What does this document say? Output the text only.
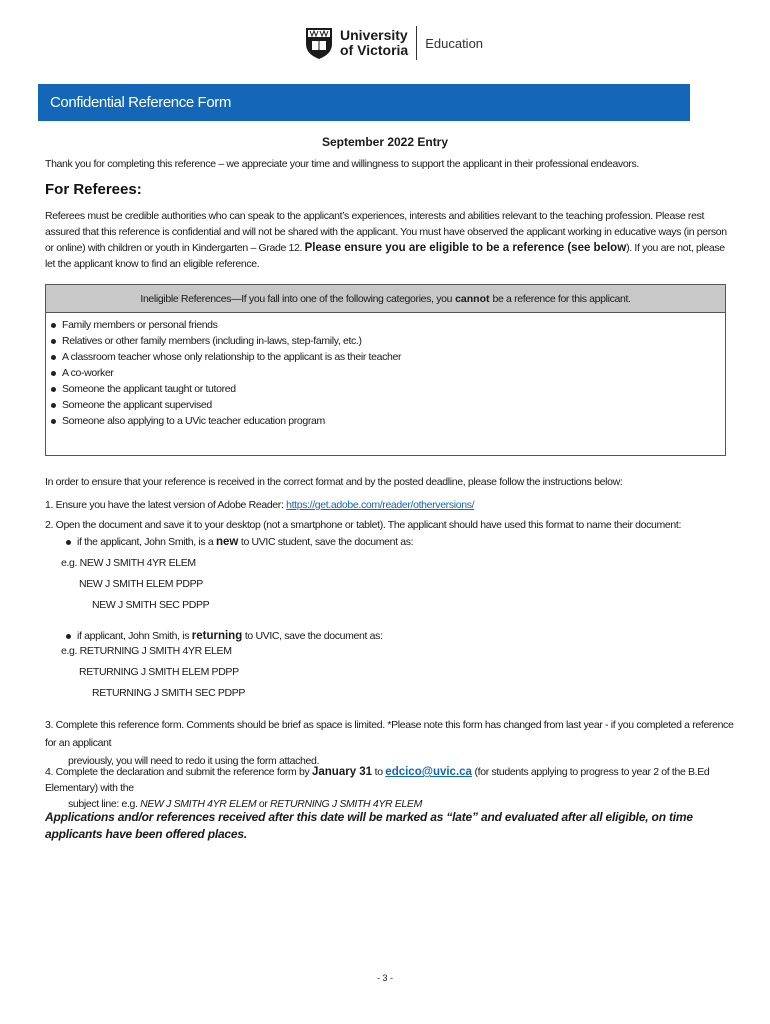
University
of Victoria Education
Confidential Reference Form
September 2022 Entry
Thank you for completing this reference – we appreciate your time and willingness to support the applicant in their professional endeavors.
For Referees:
Referees must be credible authorities who can speak to the applicant’s experiences, interests and abilities relevant to the teaching profession. Please rest assured that this reference is confidential and will not be shared with the applicant. You must have observed the applicant working in educative ways (in person or online) with children or youth in Kindergarten – Grade 12. Please ensure you are eligible to be a reference (see below). If you are not, please let the applicant know to find an eligible reference.
Ineligible References—If you fall into one of the following categories, you cannot be a reference for this applicant.
Family members or personal friends
Relatives or other family members (including in-laws, step-family, etc.)
A classroom teacher whose only relationship to the applicant is as their teacher
A co-worker
Someone the applicant taught or tutored
Someone the applicant supervised
Someone also applying to a UVic teacher education program
In order to ensure that your reference is received in the correct format and by the posted deadline, please follow the instructions below:
1. Ensure you have the latest version of Adobe Reader: https://get.adobe.com/reader/otherversions/
2. Open the document and save it to your desktop (not a smartphone or tablet). The applicant should have used this format to name their document:
if the applicant, John Smith, is a new to UVIC student, save the document as:
e.g. NEW J SMITH 4YR ELEM
NEW J SMITH ELEM PDPP
NEW J SMITH SEC PDPP
if applicant, John Smith, is returning to UVIC, save the document as:
e.g. RETURNING J SMITH 4YR ELEM
RETURNING J SMITH ELEM PDPP
RETURNING J SMITH SEC PDPP
3. Complete this reference form. Comments should be brief as space is limited. *Please note this form has changed from last year - if you completed a reference for an applicant
previously, you will need to redo it using the form attached.
4. Complete the declaration and submit the reference form by January 31 to edcico@uvic.ca (for students applying to progress to year 2 of the B.Ed Elementary) with the
subject line: e.g. NEW J SMITH 4YR ELEM or RETURNING J SMITH 4YR ELEM
Applications and/or references received after this date will be marked as “late” and evaluated after all eligible, on time applicants have been offered places.
- 3 -
